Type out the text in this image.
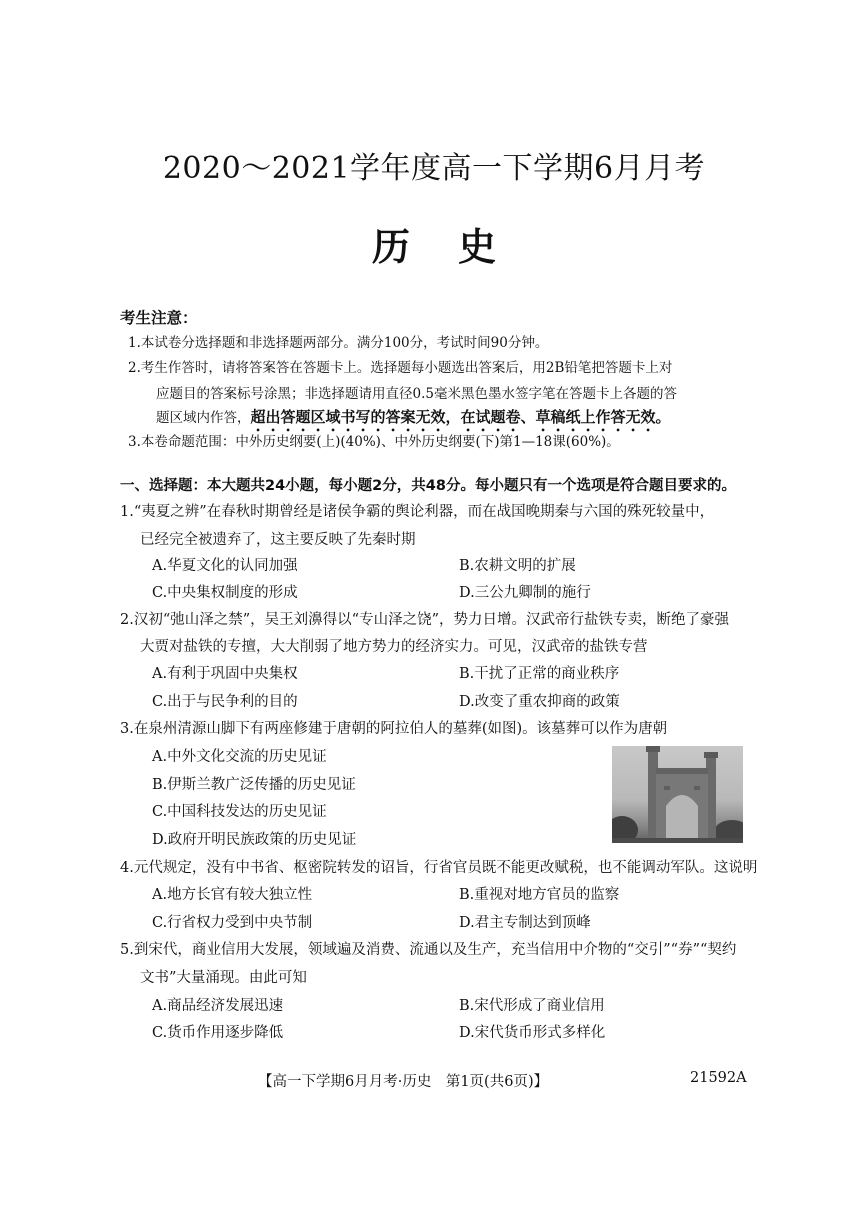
2020～2021学年度高一下学期6月月考
历史
考生注意：
1.本试卷分选择题和非选择题两部分。满分100分，考试时间90分钟。
2.考生作答时，请将答案答在答题卡上。选择题每小题选出答案后，用2B铅笔把答题卡上对
应题目的答案标号涂黑；非选择题请用直径0.5毫米黑色墨水签字笔在答题卡上各题的答
题区域内作答，超出答题区域书写的答案无效，在试题卷、草稿纸上作答无效。
3.本卷命题范围：中外历史纲要(上)(40%)、中外历史纲要(下)第1—18课(60%)。
一、选择题：本大题共24小题，每小题2分，共48分。每小题只有一个选项是符合题目要求的。
1.“夷夏之辨”在春秋时期曾经是诸侯争霸的舆论利器，而在战国晚期秦与六国的殊死较量中，
已经完全被遗弃了，这主要反映了先秦时期
A.华夏文化的认同加强	B.农耕文明的扩展
C.中央集权制度的形成	D.三公九卿制的施行
2.汉初“弛山泽之禁”，吴王刘濞得以“专山泽之饶”，势力日增。汉武帝行盐铁专卖，断绝了豪强
大贾对盐铁的专擅，大大削弱了地方势力的经济实力。可见，汉武帝的盐铁专营
A.有利于巩固中央集权	B.干扰了正常的商业秩序
C.出于与民争利的目的	D.改变了重农抑商的政策
3.在泉州清源山脚下有两座修建于唐朝的阿拉伯人的墓葬(如图)。该墓葬可以作为唐朝
A.中外文化交流的历史见证
B.伊斯兰教广泛传播的历史见证
C.中国科技发达的历史见证
D.政府开明民族政策的历史见证
4.元代规定，没有中书省、枢密院转发的诏旨，行省官员既不能更改赋税，也不能调动军队。这说明
A.地方长官有较大独立性	B.重视对地方官员的监察
C.行省权力受到中央节制	D.君主专制达到顶峰
5.到宋代，商业信用大发展，领域遍及消费、流通以及生产，充当信用中介物的“交引”“券”“契约
文书”大量涌现。由此可知
A.商品经济发展迅速	B.宋代形成了商业信用
C.货币作用逐步降低	D.宋代货币形式多样化
【高一下学期6月月考·历史　第1页(共6页)】	21592A
